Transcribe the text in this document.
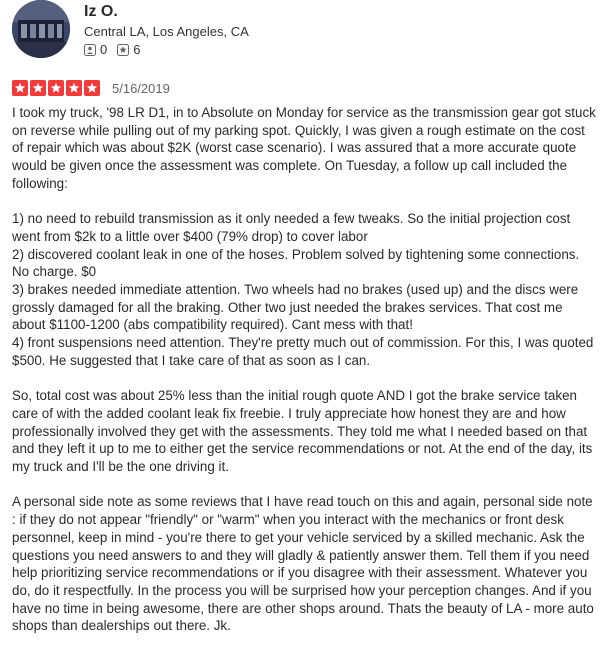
Iz O.
Central LA, Los Angeles, CA
0 6
5/16/2019

I took my truck, '98 LR D1, in to Absolute on Monday for service as the transmission gear got stuck on reverse while pulling out of my parking spot. Quickly, I was given a rough estimate on the cost of repair which was about $2K (worst case scenario). I was assured that a more accurate quote would be given once the assessment was complete. On Tuesday, a follow up call included the following:

1) no need to rebuild transmission as it only needed a few tweaks. So the initial projection cost went from $2k to a little over $400 (79% drop) to cover labor
2) discovered coolant leak in one of the hoses. Problem solved by tightening some connections. No charge. $0
3) brakes needed immediate attention. Two wheels had no brakes (used up) and the discs were grossly damaged for all the braking. Other two just needed the brakes services. That cost me about $1100-1200 (abs compatibility required). Cant mess with that!
4) front suspensions need attention. They're pretty much out of commission. For this, I was quoted $500. He suggested that I take care of that as soon as I can.

So, total cost was about 25% less than the initial rough quote AND I got the brake service taken care of with the added coolant leak fix freebie. I truly appreciate how honest they are and how professionally involved they get with the assessments. They told me what I needed based on that and they left it up to me to either get the service recommendations or not. At the end of the day, its my truck and I'll be the one driving it.

A personal side note as some reviews that I have read touch on this and again, personal side note : if they do not appear "friendly" or "warm" when you interact with the mechanics or front desk personnel, keep in mind - you're there to get your vehicle serviced by a skilled mechanic. Ask the questions you need answers to and they will gladly & patiently answer them. Tell them if you need help prioritizing service recommendations or if you disagree with their assessment. Whatever you do, do it respectfully. In the process you will be surprised how your perception changes. And if you have no time in being awesome, there are other shops around. Thats the beauty of LA - more auto shops than dealerships out there. Jk.
